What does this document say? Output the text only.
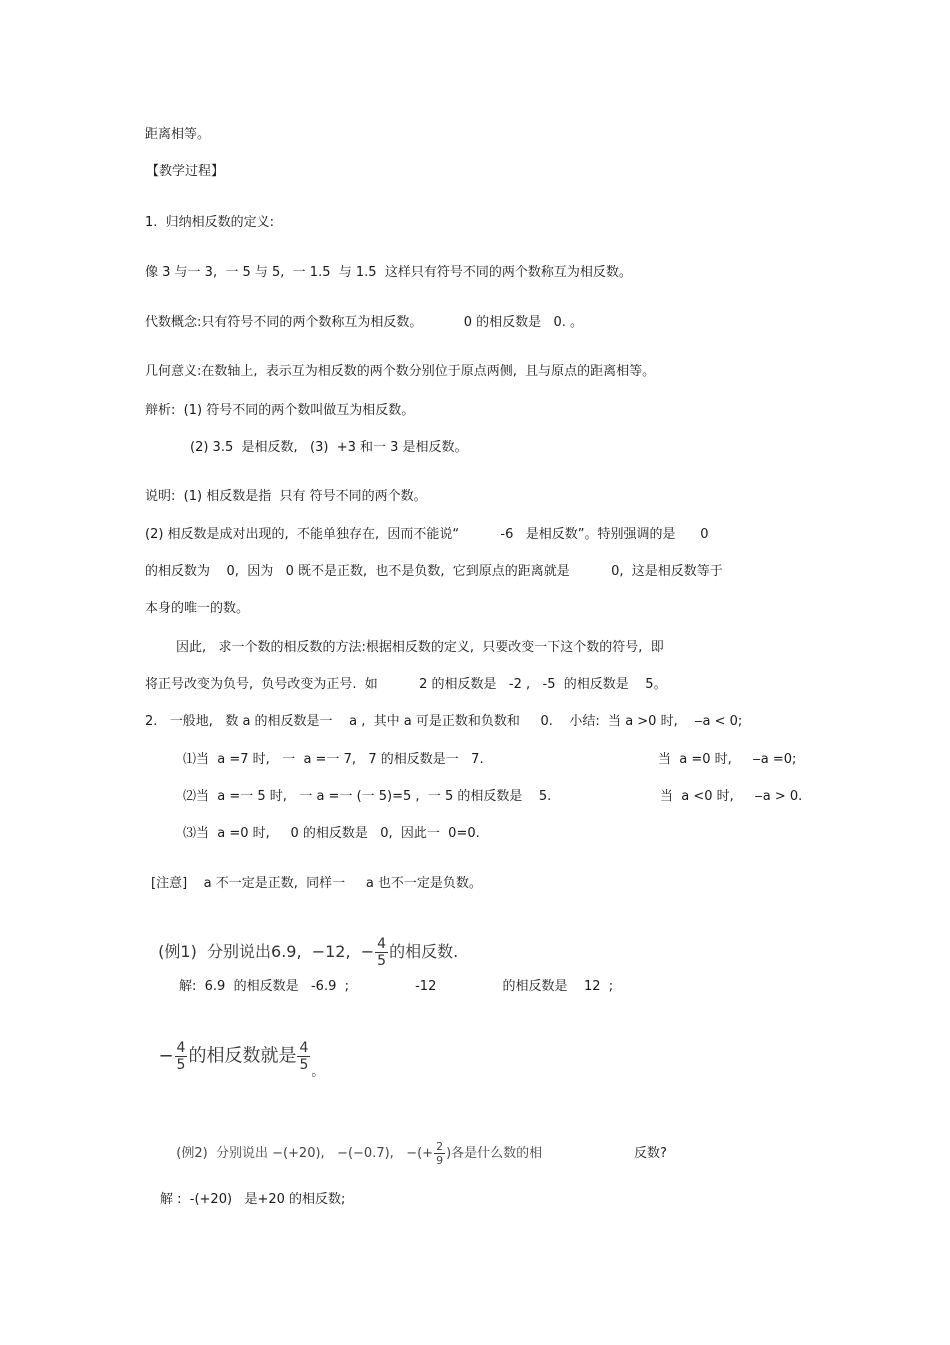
距离相等。
【教学过程】
1.  归纳相反数的定义:
像 3 与一 3,  一 5 与 5,  一 1.5  与 1.5  这样只有符号不同的两个数称互为相反数。
代数概念:只有符号不同的两个数称互为相反数。          0 的相反数是   0. 。
几何意义:在数轴上,  表示互为相反数的两个数分别位于原点两侧,  且与原点的距离相等。
辩析:  (1) 符号不同的两个数叫做互为相反数。
(2) 3.5  是相反数,   (3)  +3 和一 3 是相反数。
说明:  (1) 相反数是指  只有 符号不同的两个数。
(2) 相反数是成对出现的,  不能单独存在,  因而不能说“          -6   是相反数”。特别强调的是      0
的相反数为    0,  因为   0 既不是正数,  也不是负数,  它到原点的距离就是          0,  这是相反数等于
本身的唯一的数。
因此,   求一个数的相反数的方法:根据相反数的定义,  只要改变一下这个数的符号,  即
将正号改变为负号,  负号改变为正号.  如          2 的相反数是   -2 ,   -5  的相反数是    5。
2.   一般地,   数 a 的相反数是一    a ,  其中 a 可是正数和负数和     0.    小结:  当 a >0 时,    ‒a < 0;
⑴当  a =7 时,   一  a =一 7,   7 的相反数是一   7.	当  a =0 时,     ‒a =0;
⑵当  a =一 5 时,   一 a =一 (一 5)=5 ,  一 5 的相反数是    5.	当  a <0 时,     ‒a > 0.
⑶当  a =0 时,     0 的相反数是   0,  因此一  0=0.
[注意]    a 不一定是正数,  同样一     a 也不一定是负数。

(例1)  分别说出6.9,  −12,  − $\frac{4}{5}$ 的相反数.

解:  6.9  的相反数是   -6.9  ;                -12                的相反数是    12  ;

− $\frac{4}{5}$ 的相反数就是 $\frac{4}{5} _。$

(例2)  分别说出 −(+20),   −(−0.7),   −(+ $\frac{2}{9}$ )各是什么数的相	反数?
解 :  -(+20)   是+20 的相反数;
